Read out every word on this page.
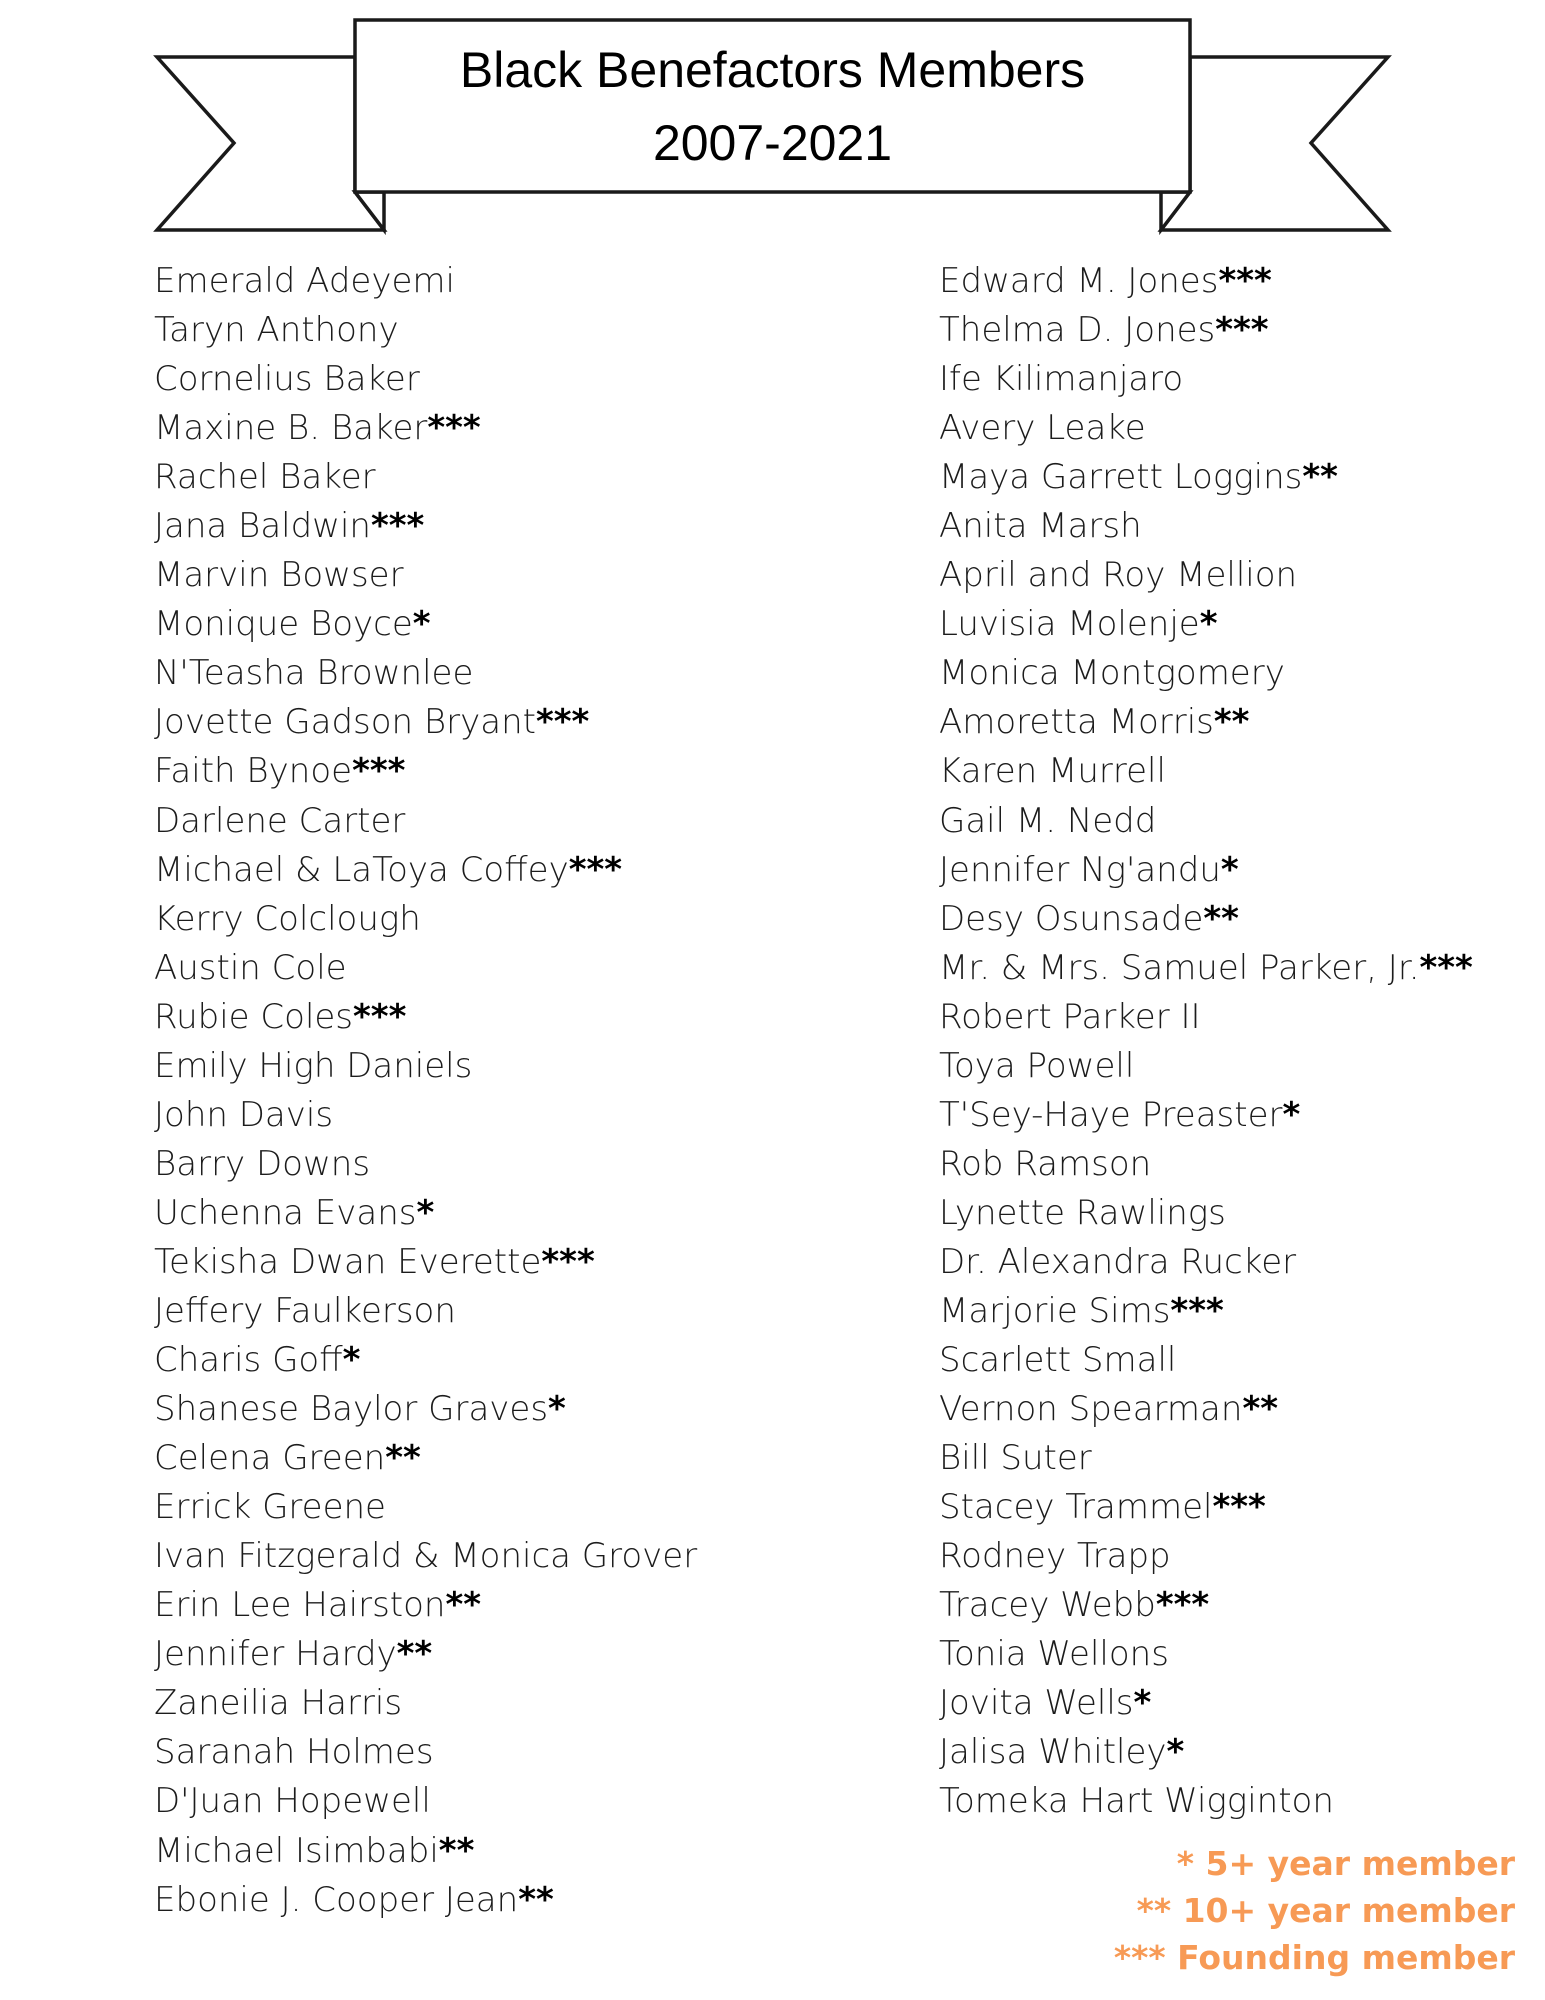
Black Benefactors Members
2007-2021
Emerald Adeyemi
Taryn Anthony
Cornelius Baker
Maxine B. Baker***
Rachel Baker
Jana Baldwin***
Marvin Bowser
Monique Boyce*
N'Teasha Brownlee
Jovette Gadson Bryant***
Faith Bynoe***
Darlene Carter
Michael & LaToya Coffey***
Kerry Colclough
Austin Cole
Rubie Coles***
Emily High Daniels
John Davis
Barry Downs
Uchenna Evans*
Tekisha Dwan Everette***
Jeffery Faulkerson
Charis Goff*
Shanese Baylor Graves*
Celena Green**
Errick Greene
Ivan Fitzgerald & Monica Grover
Erin Lee Hairston**
Jennifer Hardy**
Zaneilia Harris
Saranah Holmes
D'Juan Hopewell
Michael Isimbabi**
Ebonie J. Cooper Jean**
Edward M. Jones***
Thelma D. Jones***
Ife Kilimanjaro
Avery Leake
Maya Garrett Loggins**
Anita Marsh
April and Roy Mellion
Luvisia Molenje*
Monica Montgomery
Amoretta Morris**
Karen Murrell
Gail M. Nedd
Jennifer Ng'andu*
Desy Osunsade**
Mr. & Mrs. Samuel Parker, Jr.***
Robert Parker II
Toya Powell
T'Sey-Haye Preaster*
Rob Ramson
Lynette Rawlings
Dr. Alexandra Rucker
Marjorie Sims***
Scarlett Small
Vernon Spearman**
Bill Suter
Stacey Trammel***
Rodney Trapp
Tracey Webb***
Tonia Wellons
Jovita Wells*
Jalisa Whitley*
Tomeka Hart Wigginton
* 5+ year member
** 10+ year member
*** Founding member
